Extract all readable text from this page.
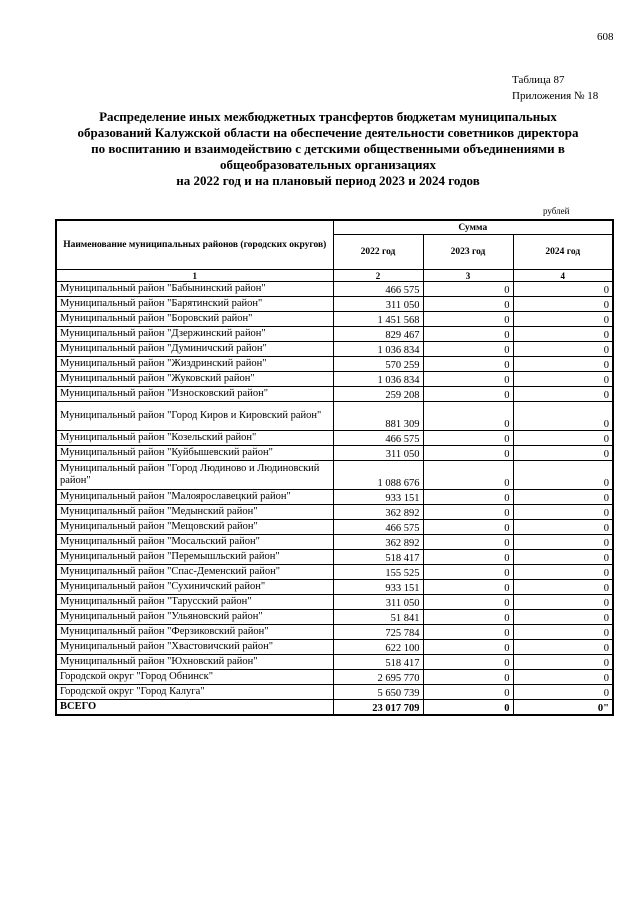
608
Таблица 87
Приложения № 18
Распределение иных межбюджетных трансфертов бюджетам муниципальных
образований Калужской области на обеспечение деятельности советников директора
по воспитанию и взаимодействию с детскими общественными объединениями в
общеобразовательных организациях
на 2022 год и на плановый период 2023 и 2024 годов
рублей
Наименование муниципальных районов (городских округов)	Сумма		
	2022 год	2023 год	2024 год
1	2	3	4
Муниципальный район "Бабынинский район"	466 575	0	0
Муниципальный район "Барятинский район"	311 050	0	0
Муниципальный район "Боровский район"	1 451 568	0	0
Муниципальный район "Дзержинский район"	829 467	0	0
Муниципальный район "Думиничский район"	1 036 834	0	0
Муниципальный район "Жиздринский район"	570 259	0	0
Муниципальный район "Жуковский район"	1 036 834	0	0
Муниципальный район "Износковский район"	259 208	0	0
Муниципальный район "Город Киров и Кировский район"	881 309	0	0
Муниципальный район "Козельский район"	466 575	0	0
Муниципальный район "Куйбышевский район"	311 050	0	0
Муниципальный район "Город Людиново и Людиновский район"	1 088 676	0	0
Муниципальный район "Малоярославецкий район"	933 151	0	0
Муниципальный район "Медынский район"	362 892	0	0
Муниципальный район "Мещовский район"	466 575	0	0
Муниципальный район "Мосальский район"	362 892	0	0
Муниципальный район "Перемышльский район"	518 417	0	0
Муниципальный район "Спас-Деменский район"	155 525	0	0
Муниципальный район "Сухиничский район"	933 151	0	0
Муниципальный район "Тарусский район"	311 050	0	0
Муниципальный район "Ульяновский район"	51 841	0	0
Муниципальный район "Ферзиковский район"	725 784	0	0
Муниципальный район "Хвастовичский район"	622 100	0	0
Муниципальный район "Юхновский район"	518 417	0	0
Городской округ "Город Обнинск"	2 695 770	0	0
Городской округ "Город Калуга"	5 650 739	0	0
ВСЕГО	23 017 709	0	0"
